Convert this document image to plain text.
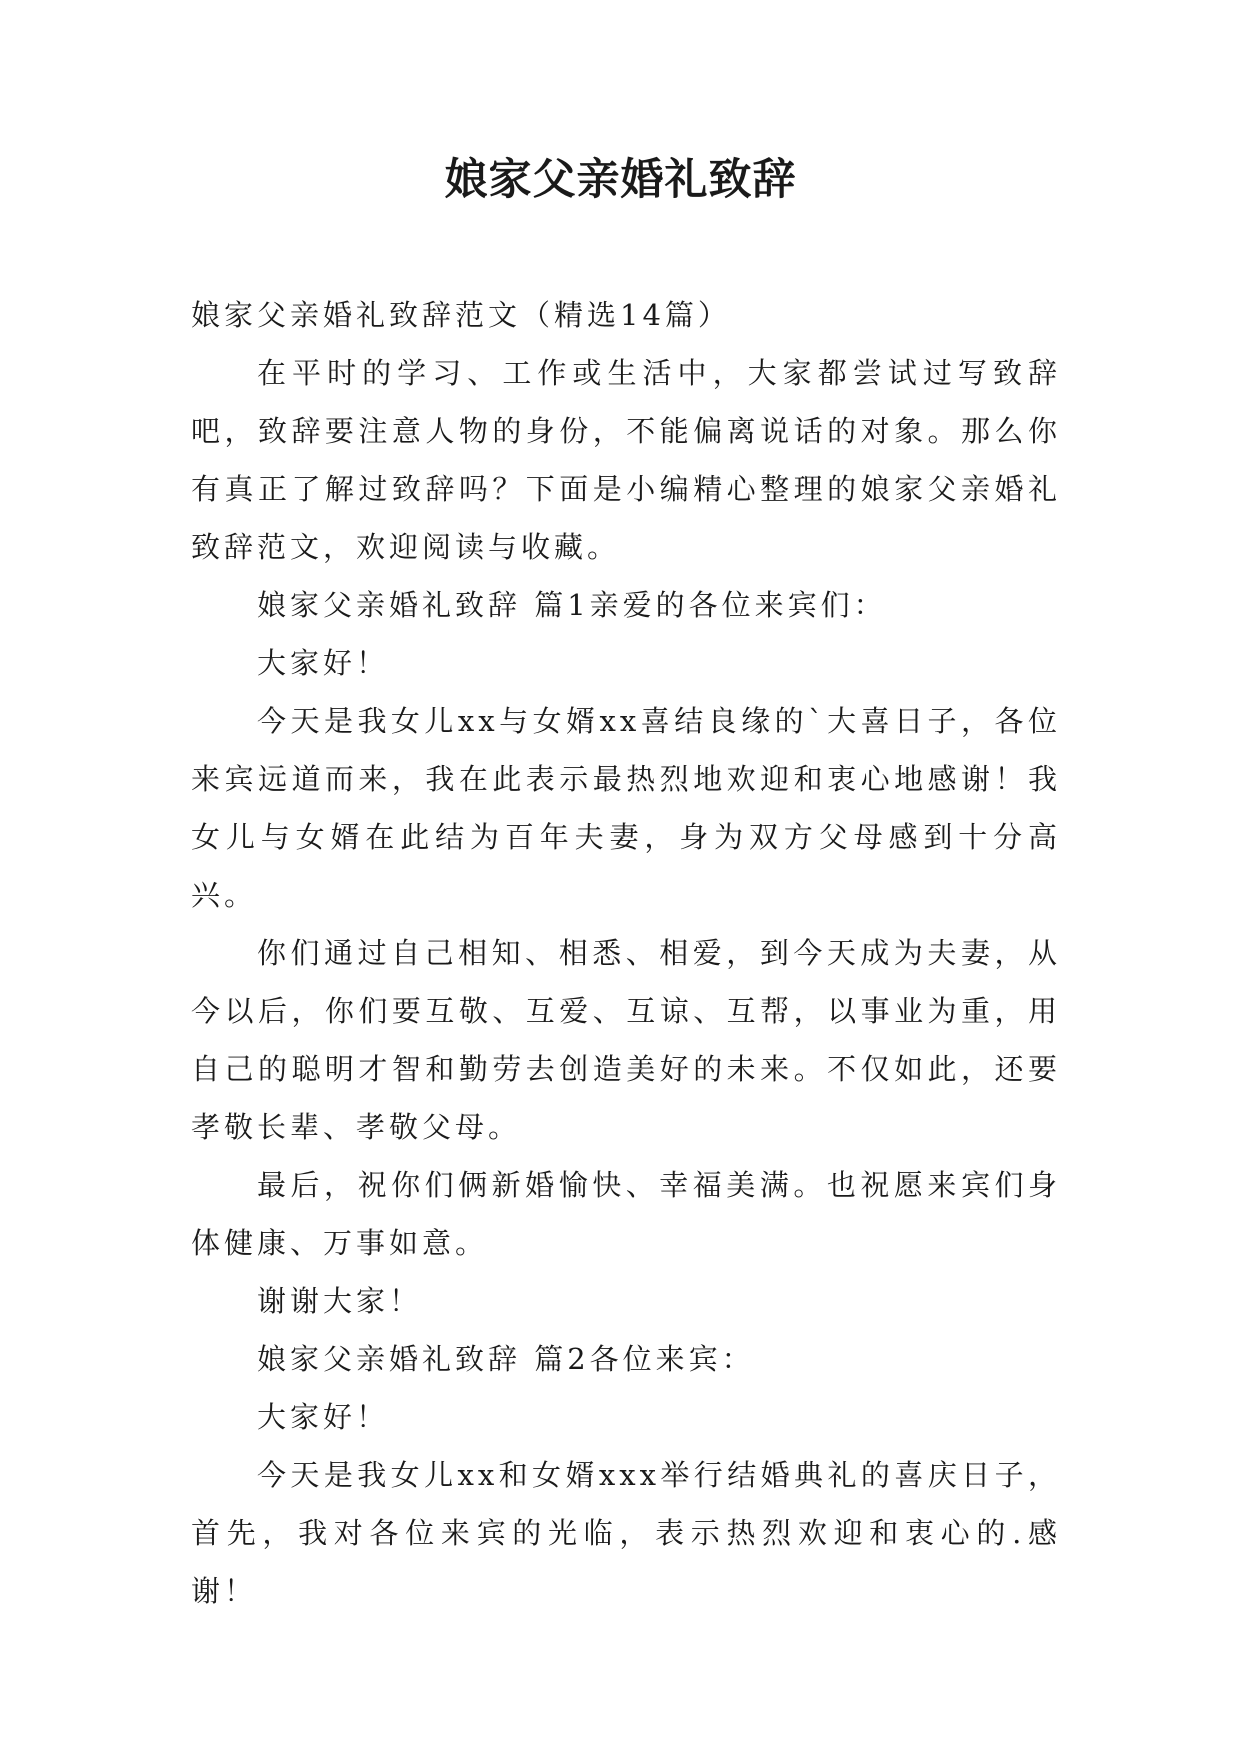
娘家父亲婚礼致辞

娘家父亲婚礼致辞范文（精选14篇）

在平时的学习、工作或生活中，大家都尝试过写致辞吧，致辞要注意人物的身份，不能偏离说话的对象。那么你有真正了解过致辞吗？下面是小编精心整理的娘家父亲婚礼致辞范文，欢迎阅读与收藏。

娘家父亲婚礼致辞 篇1亲爱的各位来宾们：

大家好！

今天是我女儿xx与女婿xx喜结良缘的`大喜日子，各位来宾远道而来，我在此表示最热烈地欢迎和衷心地感谢！我女儿与女婿在此结为百年夫妻，身为双方父母感到十分高兴。

你们通过自己相知、相悉、相爱，到今天成为夫妻，从今以后，你们要互敬、互爱、互谅、互帮，以事业为重，用自己的聪明才智和勤劳去创造美好的未来。不仅如此，还要孝敬长辈、孝敬父母。

最后，祝你们俩新婚愉快、幸福美满。也祝愿来宾们身体健康、万事如意。

谢谢大家！

娘家父亲婚礼致辞 篇2各位来宾：

大家好！

今天是我女儿xx和女婿xxx举行结婚典礼的喜庆日子，首先，我对各位来宾的光临，表示热烈欢迎和衷心的.感谢！
